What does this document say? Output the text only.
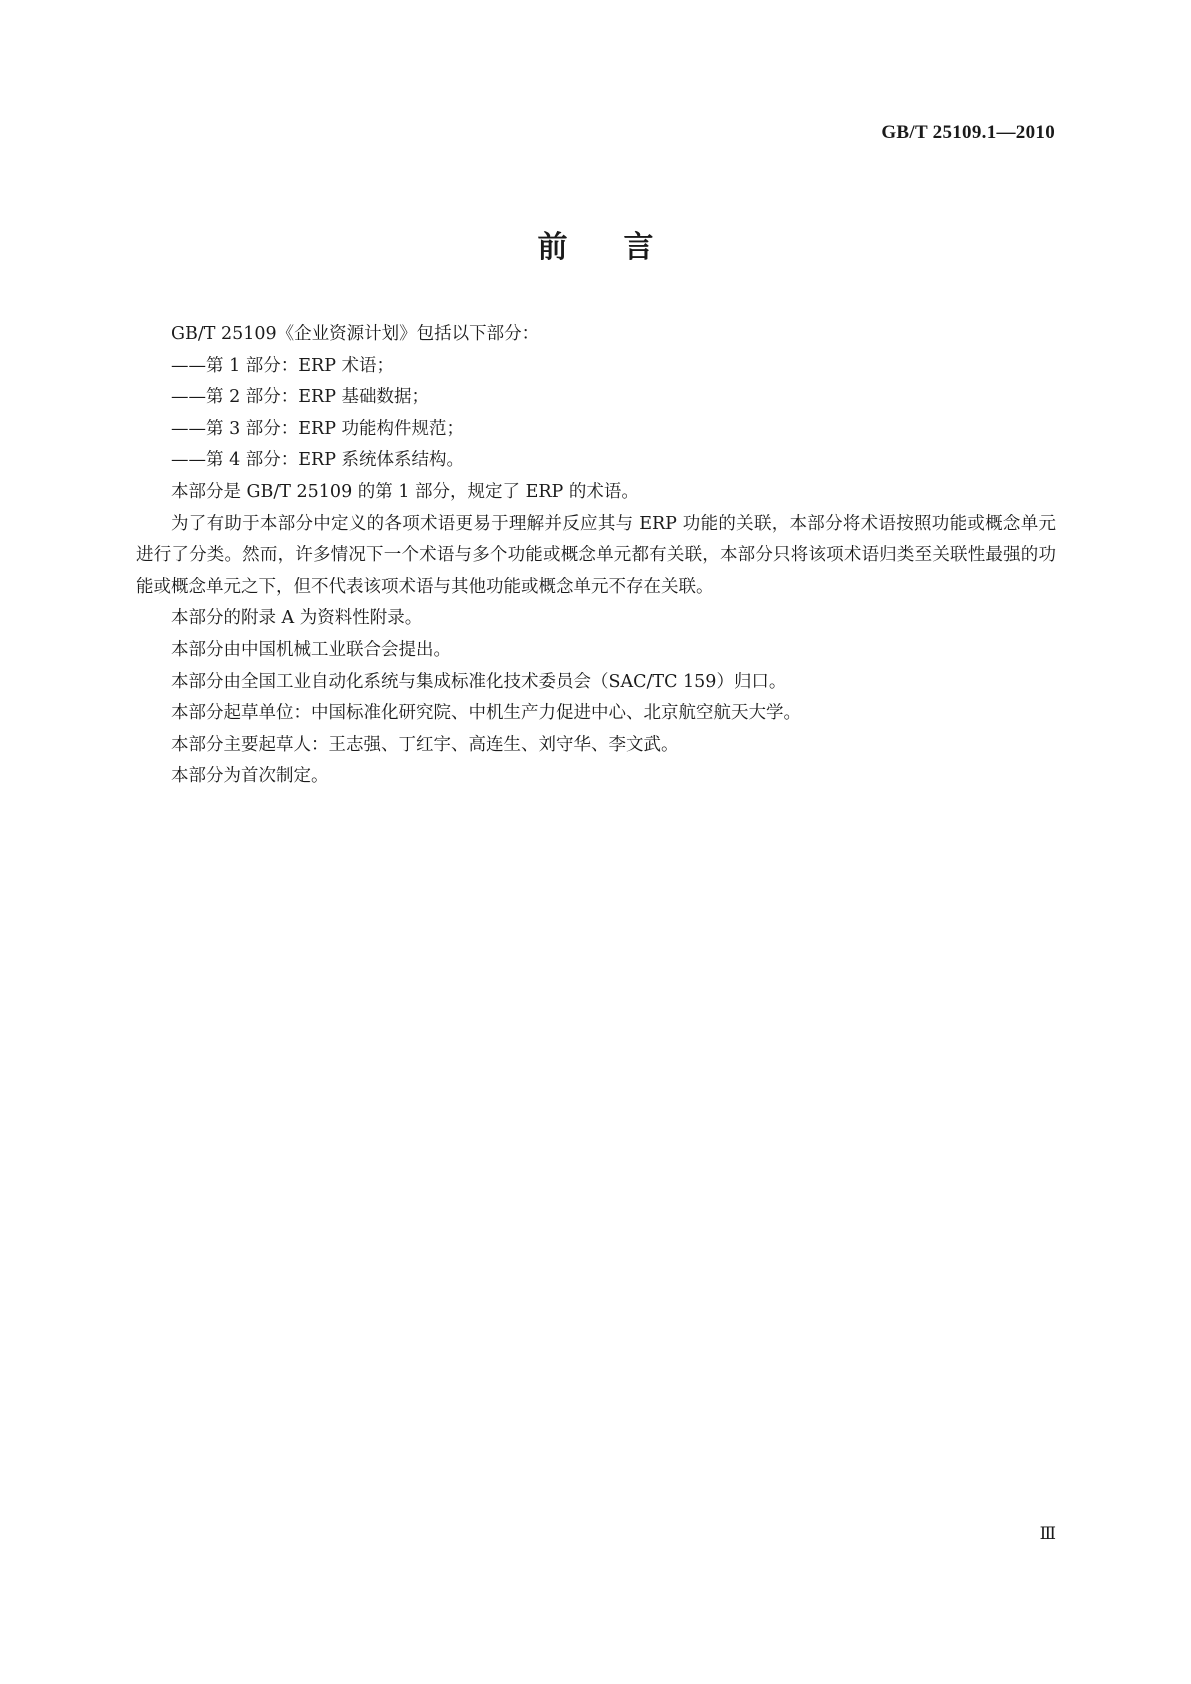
GB/T 25109.1—2010
前言

GB/T 25109《企业资源计划》包括以下部分：

——第 1 部分：ERP 术语；

——第 2 部分：ERP 基础数据；

——第 3 部分：ERP 功能构件规范；

——第 4 部分：ERP 系统体系结构。

本部分是 GB/T 25109 的第 1 部分，规定了 ERP 的术语。

为了有助于本部分中定义的各项术语更易于理解并反应其与 ERP 功能的关联，本部分将术语按照功能或概念单元进行了分类。然而，许多情况下一个术语与多个功能或概念单元都有关联，本部分只将该项术语归类至关联性最强的功能或概念单元之下，但不代表该项术语与其他功能或概念单元不存在关联。

本部分的附录 A 为资料性附录。

本部分由中国机械工业联合会提出。

本部分由全国工业自动化系统与集成标准化技术委员会（SAC/TC 159）归口。

本部分起草单位：中国标准化研究院、中机生产力促进中心、北京航空航天大学。

本部分主要起草人：王志强、丁红宇、高连生、刘守华、李文武。

本部分为首次制定。

Ⅲ
